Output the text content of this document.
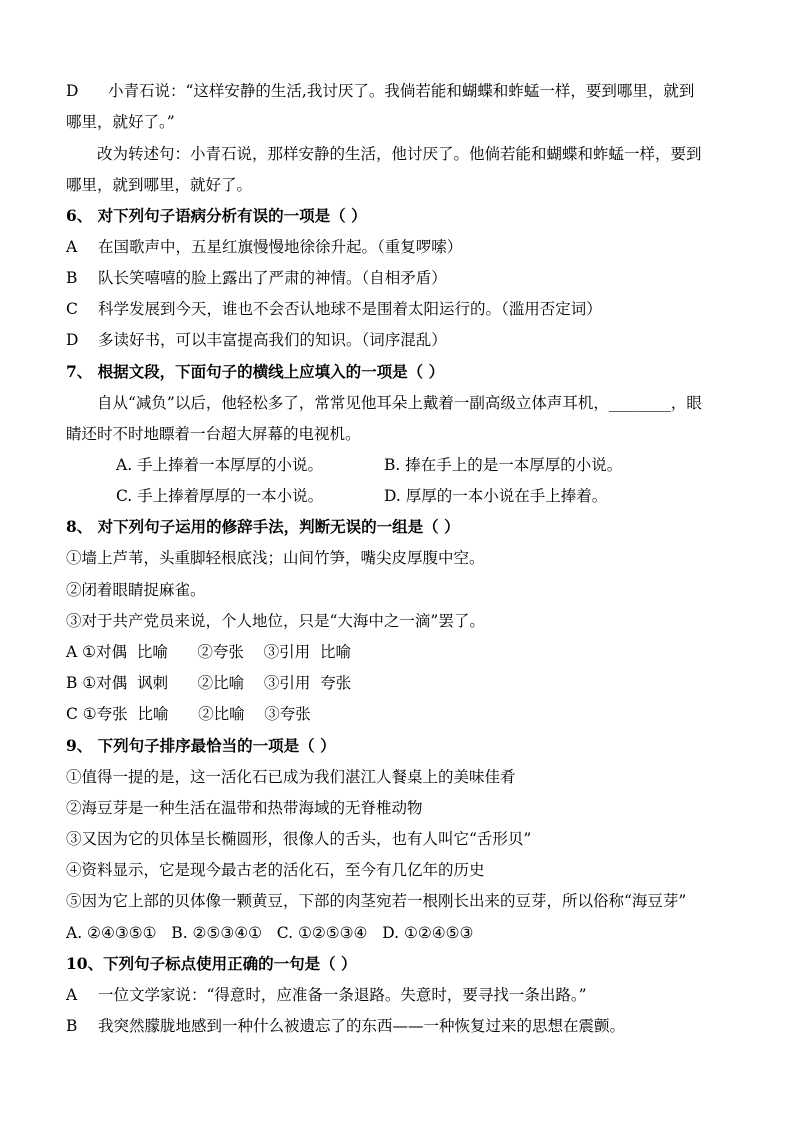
D 小青石说：“这样安静的生活,我讨厌了。我倘若能和蝴蝶和蚱蜢一样，要到哪里，就到
哪里，就好了。”
改为转述句：小青石说，那样安静的生活，他讨厌了。他倘若能和蝴蝶和蚱蜢一样，要到
哪里，就到哪里，就好了。
6、 对下列句子语病分析有误的一项是（ ）
A 在国歌声中，五星红旗慢慢地徐徐升起。（重复啰嗦）
B 队长笑嘻嘻的脸上露出了严肃的神情。（自相矛盾）
C 科学发展到今天，谁也不会否认地球不是围着太阳运行的。（滥用否定词）
D 多读好书，可以丰富提高我们的知识。（词序混乱）
7、 根据文段，下面句子的横线上应填入的一项是（ ）
自从“减负”以后，他轻松多了，常常见他耳朵上戴着一副高级立体声耳机，________，眼
睛还时不时地瞟着一台超大屏幕的电视机。
A. 手上捧着一本厚厚的小说。	B. 捧在手上的是一本厚厚的小说。
C. 手上捧着厚厚的一本小说。	D. 厚厚的一本小说在手上捧着。
8、 对下列句子运用的修辞手法，判断无误的一组是（ ）
①墙上芦苇，头重脚轻根底浅；山间竹笋，嘴尖皮厚腹中空。
②闭着眼睛捉麻雀。
③对于共产党员来说，个人地位，只是“大海中之一滴”罢了。
A ①对偶  比喻      ②夸张    ③引用  比喻
B ①对偶  讽刺      ②比喻    ③引用  夸张
C ①夸张  比喻      ②比喻    ③夸张
9、 下列句子排序最恰当的一项是（ ）
①值得一提的是，这一活化石已成为我们湛江人餐桌上的美味佳肴
②海豆芽是一种生活在温带和热带海域的无脊椎动物
③又因为它的贝体呈长椭圆形，很像人的舌头，也有人叫它“舌形贝”
④资料显示，它是现今最古老的活化石，至今有几亿年的历史
⑤因为它上部的贝体像一颗黄豆，下部的肉茎宛若一根刚长出来的豆芽，所以俗称“海豆芽”
A. ②④③⑤①   B. ②⑤③④①   C. ①②⑤③④   D. ①②④⑤③
10、下列句子标点使用正确的一句是（ ）
A 一位文学家说：“得意时，应准备一条退路。失意时，要寻找一条出路。”
B 我突然朦胧地感到一种什么被遗忘了的东西——一种恢复过来的思想在震颤。
